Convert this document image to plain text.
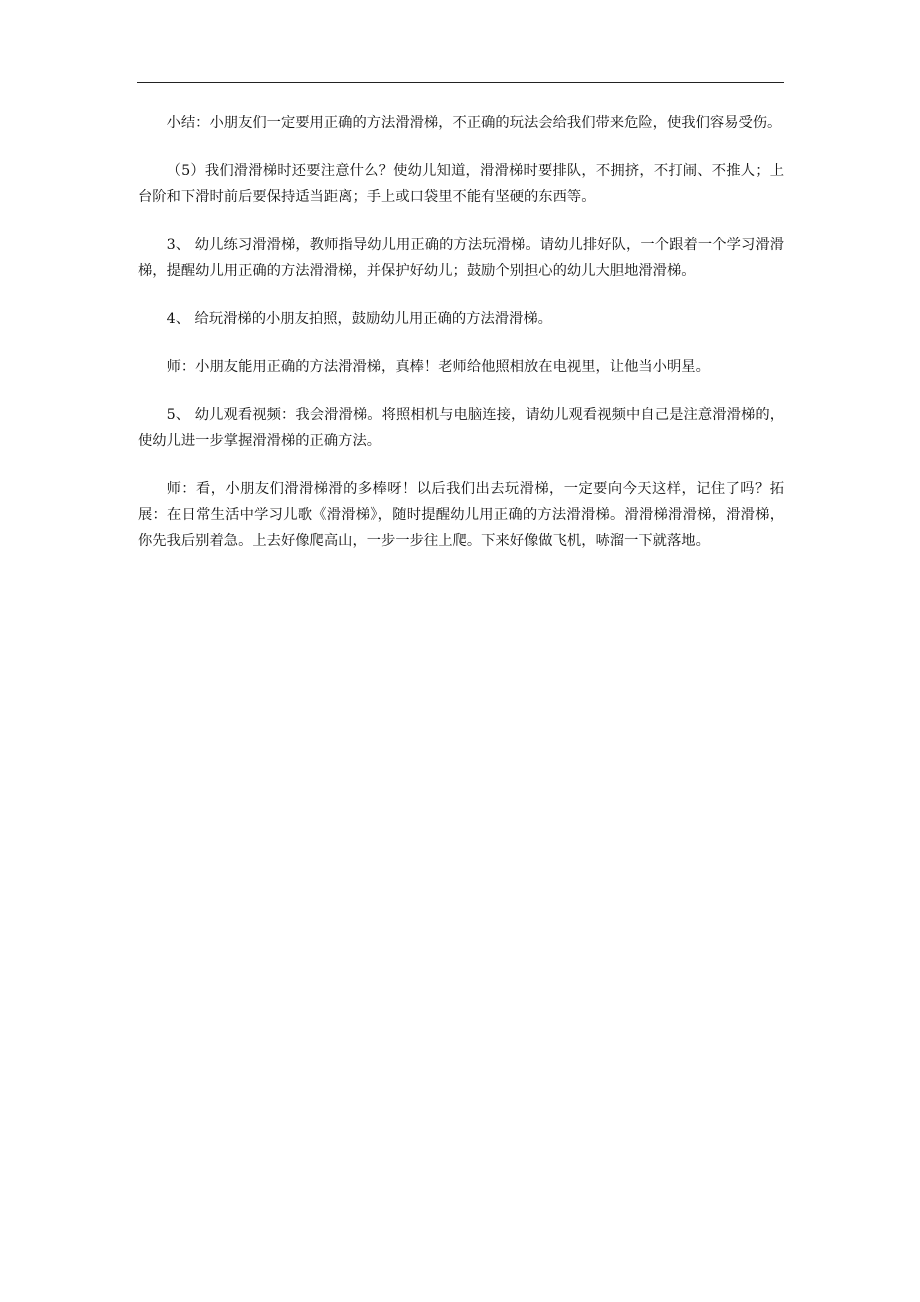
小结：小朋友们一定要用正确的方法滑滑梯，不正确的玩法会给我们带来危险，使我们容易受伤。

（5）我们滑滑梯时还要注意什么？使幼儿知道，滑滑梯时要排队，不拥挤，不打闹、不推人；上台阶和下滑时前后要保持适当距离；手上或口袋里不能有坚硬的东西等。

3、 幼儿练习滑滑梯，教师指导幼儿用正确的方法玩滑梯。请幼儿排好队，一个跟着一个学习滑滑梯，提醒幼儿用正确的方法滑滑梯，并保护好幼儿；鼓励个别担心的幼儿大胆地滑滑梯。

4、 给玩滑梯的小朋友拍照，鼓励幼儿用正确的方法滑滑梯。

师：小朋友能用正确的方法滑滑梯，真棒！老师给他照相放在电视里，让他当小明星。

5、 幼儿观看视频：我会滑滑梯。将照相机与电脑连接，请幼儿观看视频中自己是注意滑滑梯的，使幼儿进一步掌握滑滑梯的正确方法。

师：看，小朋友们滑滑梯滑的多棒呀！以后我们出去玩滑梯，一定要向今天这样，记住了吗？拓展：在日常生活中学习儿歌《滑滑梯》，随时提醒幼儿用正确的方法滑滑梯。滑滑梯滑滑梯，滑滑梯，你先我后别着急。上去好像爬高山，一步一步往上爬。下来好像做飞机，哧溜一下就落地。
